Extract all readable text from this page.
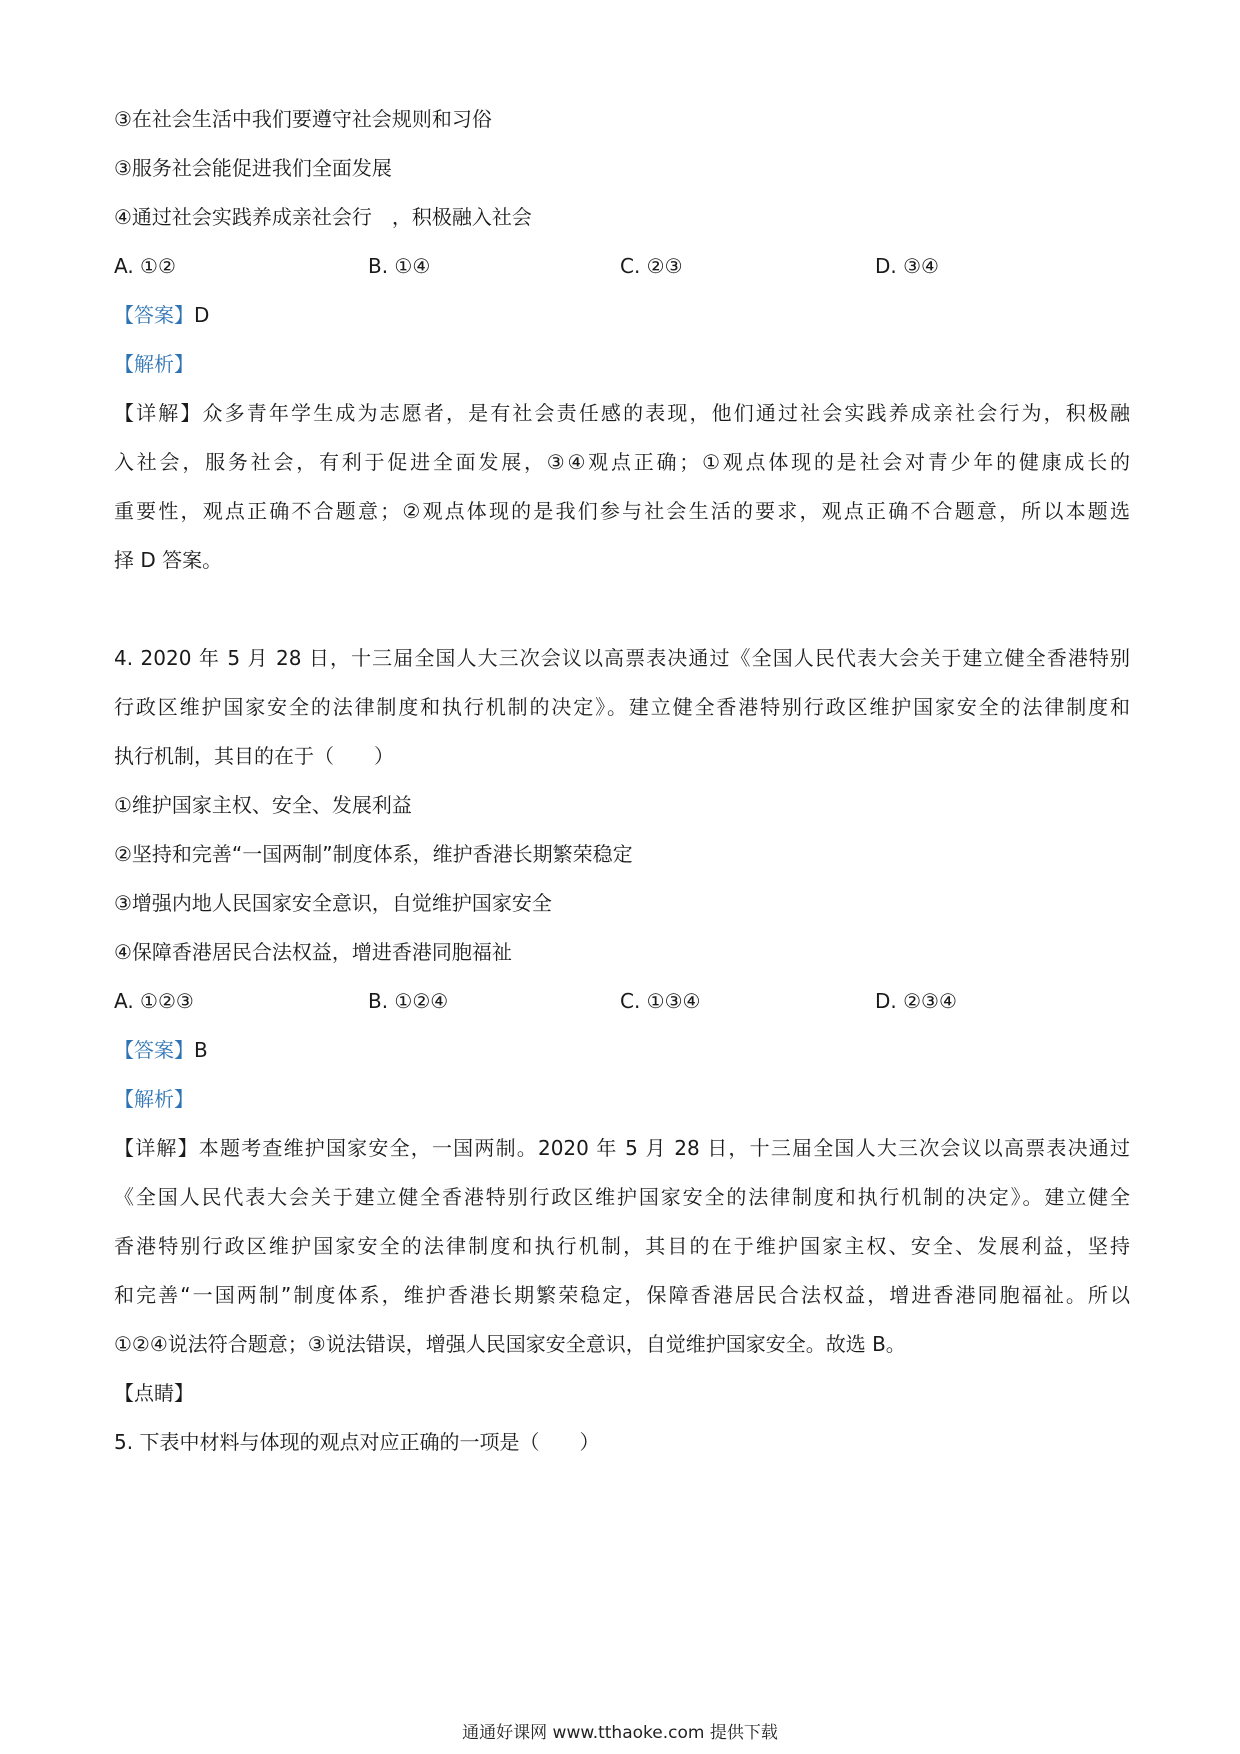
③在社会生活中我们要遵守社会规则和习俗
③服务社会能促进我们全面发展
④通过社会实践养成亲社会行　，积极融入社会
A. ①②	B. ①④	C. ②③	D. ③④
【答案】D
【解析】
【详解】众多青年学生成为志愿者，是有社会责任感的表现，他们通过社会实践养成亲社会行为，积极融
入社会，服务社会，有利于促进全面发展，③④观点正确；①观点体现的是社会对青少年的健康成长的
重要性，观点正确不合题意；②观点体现的是我们参与社会生活的要求，观点正确不合题意，所以本题选
择 D 答案。
4. 2020 年 5 月 28 日，十三届全国人大三次会议以高票表决通过《全国人民代表大会关于建立健全香港特别
行政区维护国家安全的法律制度和执行机制的决定》。建立健全香港特别行政区维护国家安全的法律制度和
执行机制，其目的在于（　　）
①维护国家主权、安全、发展利益
②坚持和完善“一国两制”制度体系，维护香港长期繁荣稳定
③增强内地人民国家安全意识，自觉维护国家安全
④保障香港居民合法权益，增进香港同胞福祉
A. ①②③	B. ①②④	C. ①③④	D. ②③④
【答案】B
【解析】
【详解】本题考查维护国家安全，一国两制。2020 年 5 月 28 日，十三届全国人大三次会议以高票表决通过
《全国人民代表大会关于建立健全香港特别行政区维护国家安全的法律制度和执行机制的决定》。建立健全
香港特别行政区维护国家安全的法律制度和执行机制，其目的在于维护国家主权、安全、发展利益，坚持
和完善“一国两制”制度体系，维护香港长期繁荣稳定，保障香港居民合法权益，增进香港同胞福祉。所以
①②④说法符合题意；③说法错误，增强人民国家安全意识，自觉维护国家安全。故选 B。
【点睛】
5. 下表中材料与体现的观点对应正确的一项是（　　）
通通好课网 www.tthaoke.com 提供下载
